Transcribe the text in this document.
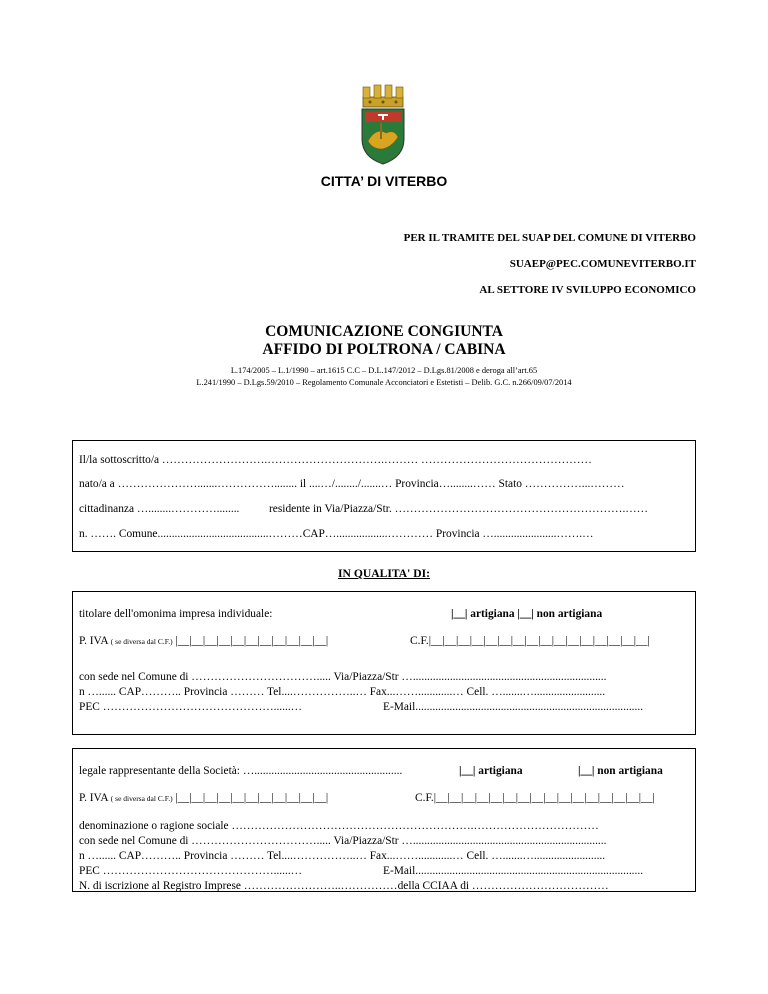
CITTA’ DI VITERBO
PER IL TRAMITE DEL SUAP DEL COMUNE DI VITERBO
SUAEP@PEC.COMUNEVITERBO.IT
AL SETTORE IV SVILUPPO ECONOMICO
COMUNICAZIONE CONGIUNTA
AFFIDO DI POLTRONA / CABINA
L.174/2005 – L.1/1990 – art.1615 C.C – D.L.147/2012 – D.Lgs.81/2008 e deroga all’art.65
L.241/1990 – D.Lgs.59/2010 – Regolamento Comunale Acconciatori e Estetisti – Delib. G.C. n.266/09/07/2014
Il/la sottoscritto/a ……………………….………………………….……… ………………………………………
nato/a a ………………….......……………........ il ....…/......../.......… Provincia…........…… Stato ……………...………
cittadinanza …........…………........	residente in Via/Piazza/Str. …………………………………………………….……
n. ……. Comune.......................................………CAP…..................………… Provincia …......................…….…
IN QUALITA' DI:
titolare dell'omonima impresa individuale:	|__| artigiana |__| non artigiana
P. IVA ( se diversa dal C.F.) |__|__|__|__|__|__|__|__|__|__|__|	C.F.|__|__|__|__|__|__|__|__|__|__|__|__|__|__|__|__|
con sede nel Comune di ……………………………..... Via/Piazza/Str …....................................................................
n …...... CAP……….. Provincia ……… Tel....……………..… Fax...……............… Cell. ….......….........................
PEC ………………………………………......…	E-Mail................................................................................
legale rappresentante della Società: …....................................................	|__| artigiana	|__| non artigiana
P. IVA ( se diversa dal C.F.) |__|__|__|__|__|__|__|__|__|__|__|	C.F.|__|__|__|__|__|__|__|__|__|__|__|__|__|__|__|__|
denominazione o ragione sociale ……………………………………………………….……………………………
con sede nel Comune di ……………………………..... Via/Piazza/Str …....................................................................
n …...... CAP……….. Provincia ……… Tel....……………..… Fax...……............… Cell. ….......….........................
PEC ………………………………………......…	E-Mail................................................................................
N. di iscrizione al Registro Imprese ……………………..……………della CCIAA di ………………………………
